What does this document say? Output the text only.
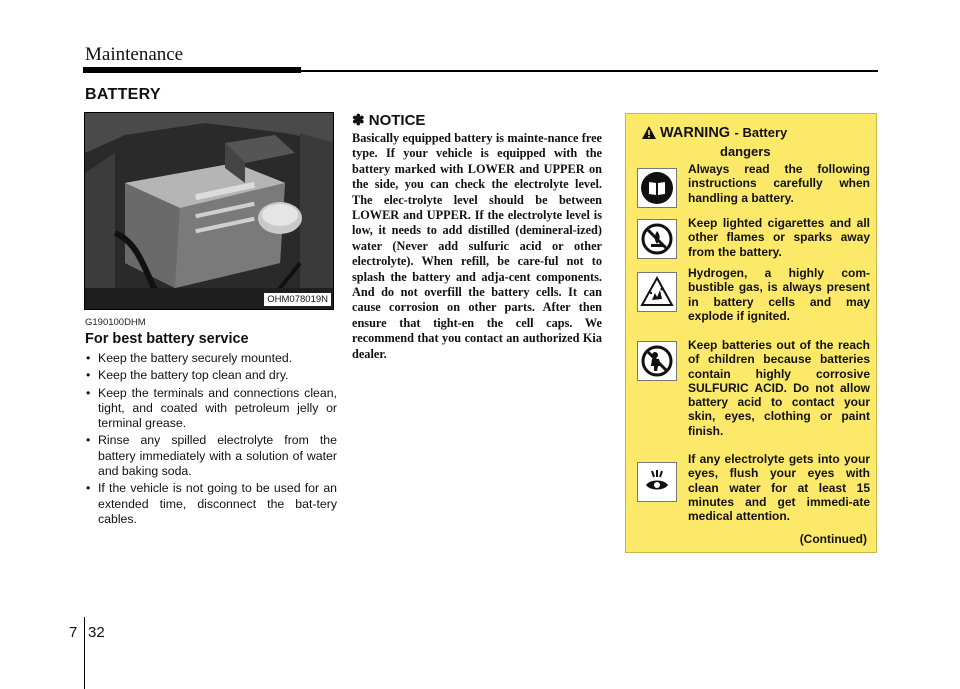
Maintenance
BATTERY
OHM078019N
G190100DHM
For best battery service
• Keep the battery securely mounted.
• Keep the battery top clean and dry.
• Keep the terminals and connections clean, tight, and coated with petroleum jelly or terminal grease.
• Rinse any spilled electrolyte from the battery immediately with a solution of water and baking soda.
• If the vehicle is not going to be used for an extended time, disconnect the bat-tery cables.
✽ NOTICE

Basically equipped battery is mainte-nance free type. If your vehicle is equipped with the battery marked with LOWER and UPPER on the side, you can check the electrolyte level. The elec-trolyte level should be between LOWER and UPPER. If the electrolyte level is low, it needs to add distilled (demineral-ized) water (Never add sulfuric acid or other electrolyte). When refill, be care-ful not to splash the battery and adja-cent components. And do not overfill the battery cells. It can cause corrosion on other parts. After then ensure that tight-en the cell caps. We recommend that you contact an authorized Kia dealer.

WARNING - Battery
dangers

Always read the following instructions carefully when handling a battery.

Keep lighted cigarettes and all other flames or sparks away from the battery.

Hydrogen, a highly com-bustible gas, is always present in battery cells and may explode if ignited.

Keep batteries out of the reach of children because batteries contain highly corrosive SULFURIC ACID. Do not allow battery acid to contact your skin, eyes, clothing or paint finish.

If any electrolyte gets into your eyes, flush your eyes with clean water for at least 15 minutes and get immedi-ate medical attention.

(Continued)
7 32
